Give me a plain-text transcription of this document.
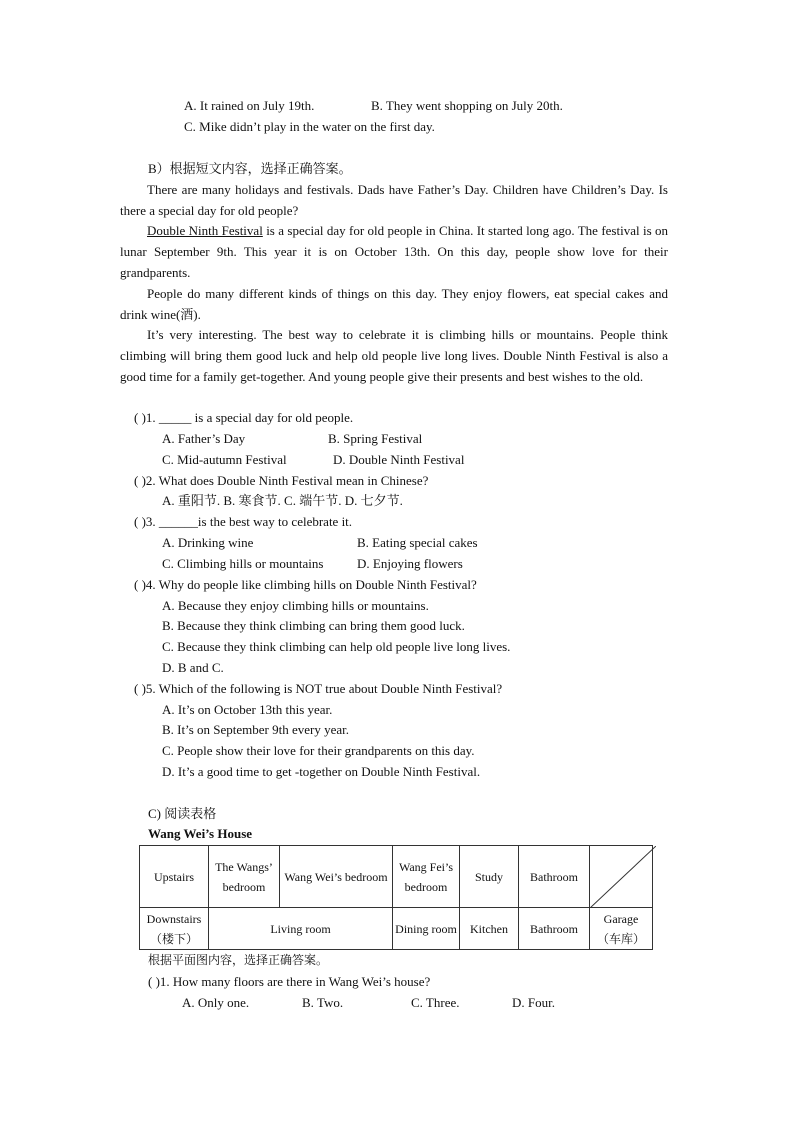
A. It rained on July 19th.	B. They went shopping on July 20th.
C. Mike didn’t play in the water on the first day.
B）根据短文内容，选择正确答案。
There are many holidays and festivals. Dads have Father’s Day. Children have Children’s Day. Is there a special day for old people?
Double Ninth Festival is a special day for old people in China. It started long ago. The festival is on lunar September 9th. This year it is on October 13th. On this day, people show love for their grandparents.
People do many different kinds of things on this day. They enjoy flowers, eat special cakes and drink wine(酒).
It’s very interesting. The best way to celebrate it is climbing hills or mountains. People think climbing will bring them good luck and help old people live long lives. Double Ninth Festival is also a good time for a family get-together. And young people give their presents and best wishes to the old.
( )1. _____ is a special day for old people.
A. Father’s Day	B. Spring Festival
C. Mid-autumn Festival	D. Double Ninth Festival
( )2. What does Double Ninth Festival mean in Chinese?
A. 重阳节. B. 寒食节. C. 端午节. D. 七夕节.
( )3. ______is the best way to celebrate it.
A. Drinking wine	B. Eating special cakes
C. Climbing hills or mountains	D. Enjoying flowers
( )4. Why do people like climbing hills on Double Ninth Festival?
A. Because they enjoy climbing hills or mountains.
B. Because they think climbing can bring them good luck.
C. Because they think climbing can help old people live long lives.
D. B and C.
( )5. Which of the following is NOT true about Double Ninth Festival?
A. It’s on October 13th this year.
B. It’s on September 9th every year.
C. People show their love for their grandparents on this day.
D. It’s a good time to get -together on Double Ninth Festival.
C) 阅读表格
Wang Wei’s House
Upstairs	The Wangs’ bedroom	Wang Wei’s bedroom	Wang Fei’s bedroom	Study	Bathroom	

Downstairs
（楼下）	Living room		Dining room	Kitchen	Bathroom	Garage
（车库）
根据平面图内容，选择正确答案。
( )1. How many floors are there in Wang Wei’s house?
A. Only one.	B. Two.	C. Three.	D. Four.
